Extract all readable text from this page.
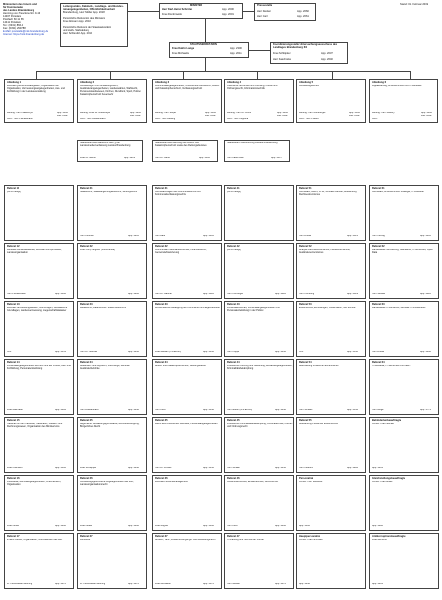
Ministerium des Innern und
für Kommunales
des Landes Brandenburg
Henning-von-Tresckow-Str. 9-13
14467 Potsdam
Postfach 60 11 65
14411 Potsdam
Tel.: (0331) 866-0
Fax: (0331) 293788
E-Mail: poststelle@mik.brandenburg.de
Internet: https://mik.brandenburg.de
Stand: 01. Februar 2019
Leitungsstabs, Kabinett-, Landtags- und Bundes-
ratsangelegenheiten, Öffentlichkeitsarbeit
Brandenburg, Herr Müller App. 2018
Persönliche Referentin des Ministers
Frau Altmann App. 2010
Persönliche Referent der Staatssekretärin
und stellv. Stabsleitung
Herr Schlendzi App. 2019
MINISTER
Herr Karl-Heinz Schröter	App. 2000
Frau Dombrowski	App. 2001
Pressestelle
Herr Decker	App. 2060
Herr Carl	App. 2061
STAATSSEKRETÄRIN
Frau Katrin Lange	App. 2300
Frau Michaelis	App. 2011
Koordinierungsstelle Untersuchungsausschuss des
Landtages Brandenburg 6/1
Frau Schlöpker	App. 2037
Herr Kaschorke	App. 2640
Abteilung 1
Zentrale Querschnittsaufgaben, Organisation der Organisation, Vermessungsangelegenheiten, Aus- und Fortbildung in der Landesverwaltung
Leitung: Herr Pawelczyk	App. 2100
Fax: 2102
Vertr.: Herr Plückelmann
Abteilung 2
Verfassungs- und Verwaltungsrecht, Ausländerangelegenheiten, Landeswahlen, Wahlrecht, Personenstandswesen, Kirchen, Rundfunk, Sport, Polizei Katastrophenschutz Feuerwehr
Leitung: Frau Dr. Bussmeyer	App. 2200
Fax: 2202
Vertr.: Herr Breidenbach
Abteilung 3
Kommunalangelegenheiten, Öffentliches Dienstrecht, Brand- und Katastrophenschutz, Verfassungsschutz
Leitung: Herr Stöpel	App. 2300
Fax: 2302
Vertr.: Herr Diesing
Abteilung 4
Öffentliche Sicherheit und Ordnung, Polizei und Ordnungsrecht, Informationstechnik
Leitung: Herr Dr. Lührs	App. 2400
Fax: 2402
Vertr.: Herr Köppera
Abteilung 5
Verfassungsschutz
Leitung: Herr Nordberger	App. 2500
Fax: 2502
Vertr.: Herr Prätsch
Abteilung 6
Digitalisierung, E-Government und IT-Leitstelle
Leitung: Herr Wolfery	App. 2600
Fax: 2602
Vertr.:
Stabsstelle Rechtsaufsicht nach § der Landesmedienverfassung Landes Brandenburg
Frau Dr. Gebbl	App. 2219
Stabsstelle Rechtsetzung des Brand- und Katastrophenschutz sowie des Rettungsdienstes
Herr Dr. Gerlid	App. 2318
Stabsstelle Polizeiführung Landes Brandenburg
Herr Kaschorke	App. 2317
Referat 11
(nicht belegt)
Referat 12
Leitstelle Bürokratieabbau, Zentrale Normprüfstelle, Landesorganisation
Herr Plückelmann	App. 2100
Referat 13
Zentrale Vermessungswesen, Grenzfragen, Geodätische Grundlagen, Landesvermessung, Liegenschaftskataster
N.N.	App. 2131
Referat 14
Personalangelegenheiten des MIK und der Polizei, Aus- und Fortbildung, Personalentwicklung
Frau Mamrabe	App. 2602
Referat 15
Haushalt für den Haushalt, Haushalts-, Kassen- und Rechnungswesen, Organisation des Ministeriums
Frau Pollmann	App. 2106
Referat 16
Justiziariat, Rechtsangelegenheiten, Innenrevision, Organisation
Frau Lühler	App. 2060
Referat 17
Innerer Dienst, Organisation, Informationen des MIK
Fr. Personalrat Werning	App. 2070
Referat 21
Staatsrecht, Staatsangehörigkeitsrecht, Stiftungsrecht
Herr Konrath	App. 2210
Referat 22
Frau Chirp Sogiber (Vorsitzende)
App. 2200
Referat 23
Melderecht, Datenschutz- sowie Aktenrecht
Herr Dr. Stöbbel	App. 2030
Referat 24
Ausländer- und Asylrecht, Flüchtlinge, Zentrale Ausländerbehörde
Herr Breidenbach	App. 2040
Referat 25
Allgemeine Verwaltungsgrundsätze, Rechtsbereinigung, Bürgerliches Recht
Frau Schlepper	App. 2040
Referat 26
Verfassungsgerichtliche Angelegenheiten des MIK, Landesorganisationsrecht
Frau Lütder	App. 2060
Referat 27
Rundfunk
Fr. Personalrat Werning	App. 2070
Referat 31
Grundsatzfragen des Kommunalrechts und Kommunalverfassungsrechts
Herr Bark	App. 2310
Referat 32
Kommunale Haushaltswirtschaft, Finanzaufsicht, Gemeindefinanzierung
Herr Dr. Ganner	App. 2320
Referat 33
Wirtschaftliche Betätigung der Kommunen und Eigenbetriebe
Frau Basser (in d.EKGS)	App. 2330
Referat 34
Brand- und Katastrophenschutz, Rettungsdienst
Herr Koch	App. 2340
Referat 35
Recht des Öffentlichen Dienstes, Personalangelegenheiten
Herr Dr. Förster	App. 2350
Referat 36
Zentrale Personalmanagement
Frau Bogner	App. 2360
Referat 37
Arbeits-, Tarif-, Zusatzversorgungs- und Besoldungsrecht
Frau Michaelis	App. 2370
Referat 41
(nicht belegt)
Referat 42
(nicht belegt)
Herr Hunzinger	App. 2420
Referat 43
Personalwirtschaft, Personalangelegenheiten und Personalentwicklung in der Polizei
Herr Hoppe	App. 2430
Referat 44
Polizeiliche Führung und Steuerung, Einsatzangelegenheiten, Kriminalitätsbekämpfung
Herr Müller (in d.EKGS)	App. 2440
Referat 45
Polizeiliche Kriminalitätsbekämpfung, Kriminaltechnik, Polizei- und Ordnungsrecht
Herr Schaef	App. 2450
Referat 46
Verkehrssicherheit, Einsatztechnik, Grenzschutz
Herr Koch	App. 2460
Referat 47
IT-Planung und Technik der Polizei
Herr Nienke	App. 2470
Referat 51
Grundsatz, Recht, G 10, zentrale Dienste, Auswertung Rechtsextremismus
Herr Rhode	App. 2521
Referat 52
Analyse Rechtsextremismus, Linksextremismus, Ausländerextremismus
Herr Homburg	App. 2529
Referat 53
Extremismus, Ermittlungen, Observation, ND-Technik
N.N.	App. 2530
Referat 54
Beschaffung Politischer Extremismus
Herr Schäfer	App. 2544
Referat 55
Auswertung Politischer Extremismus
Herr Heidrich	App. 2882
Personalrat
Vorsitz: Herr Mosbeck
App. 2100
Hauptpersonalrat
Vorsitz: Frau Schröder
App. 2040
Referat 61
Grundsatz, E-Government Strategie, IT-Leitstelle
Herr Hennig	App. 2610
Referat 62
Landesweite Normierung, Standards, IT-Sicherheit, Open Data
Herr Stöckel	App. 2620
Referat 63
Landesweite IT-Verfahren, Zentrale IT-Infrastruktur
Herr Rhode	App. 2660
Referat 64
IT-Leitstelle, IT-Sicherheit und CERT
Herr Wege	App. 2772
Behindertenbeauftragte
Vorsitz: Frau Stöckel
App. 2061
Gleichstellungsbeauftragte
Vorsitz: Frau Müller
App. 2086
Antikorruptionsbeauftragte
Frau Behrend
App. 2061
